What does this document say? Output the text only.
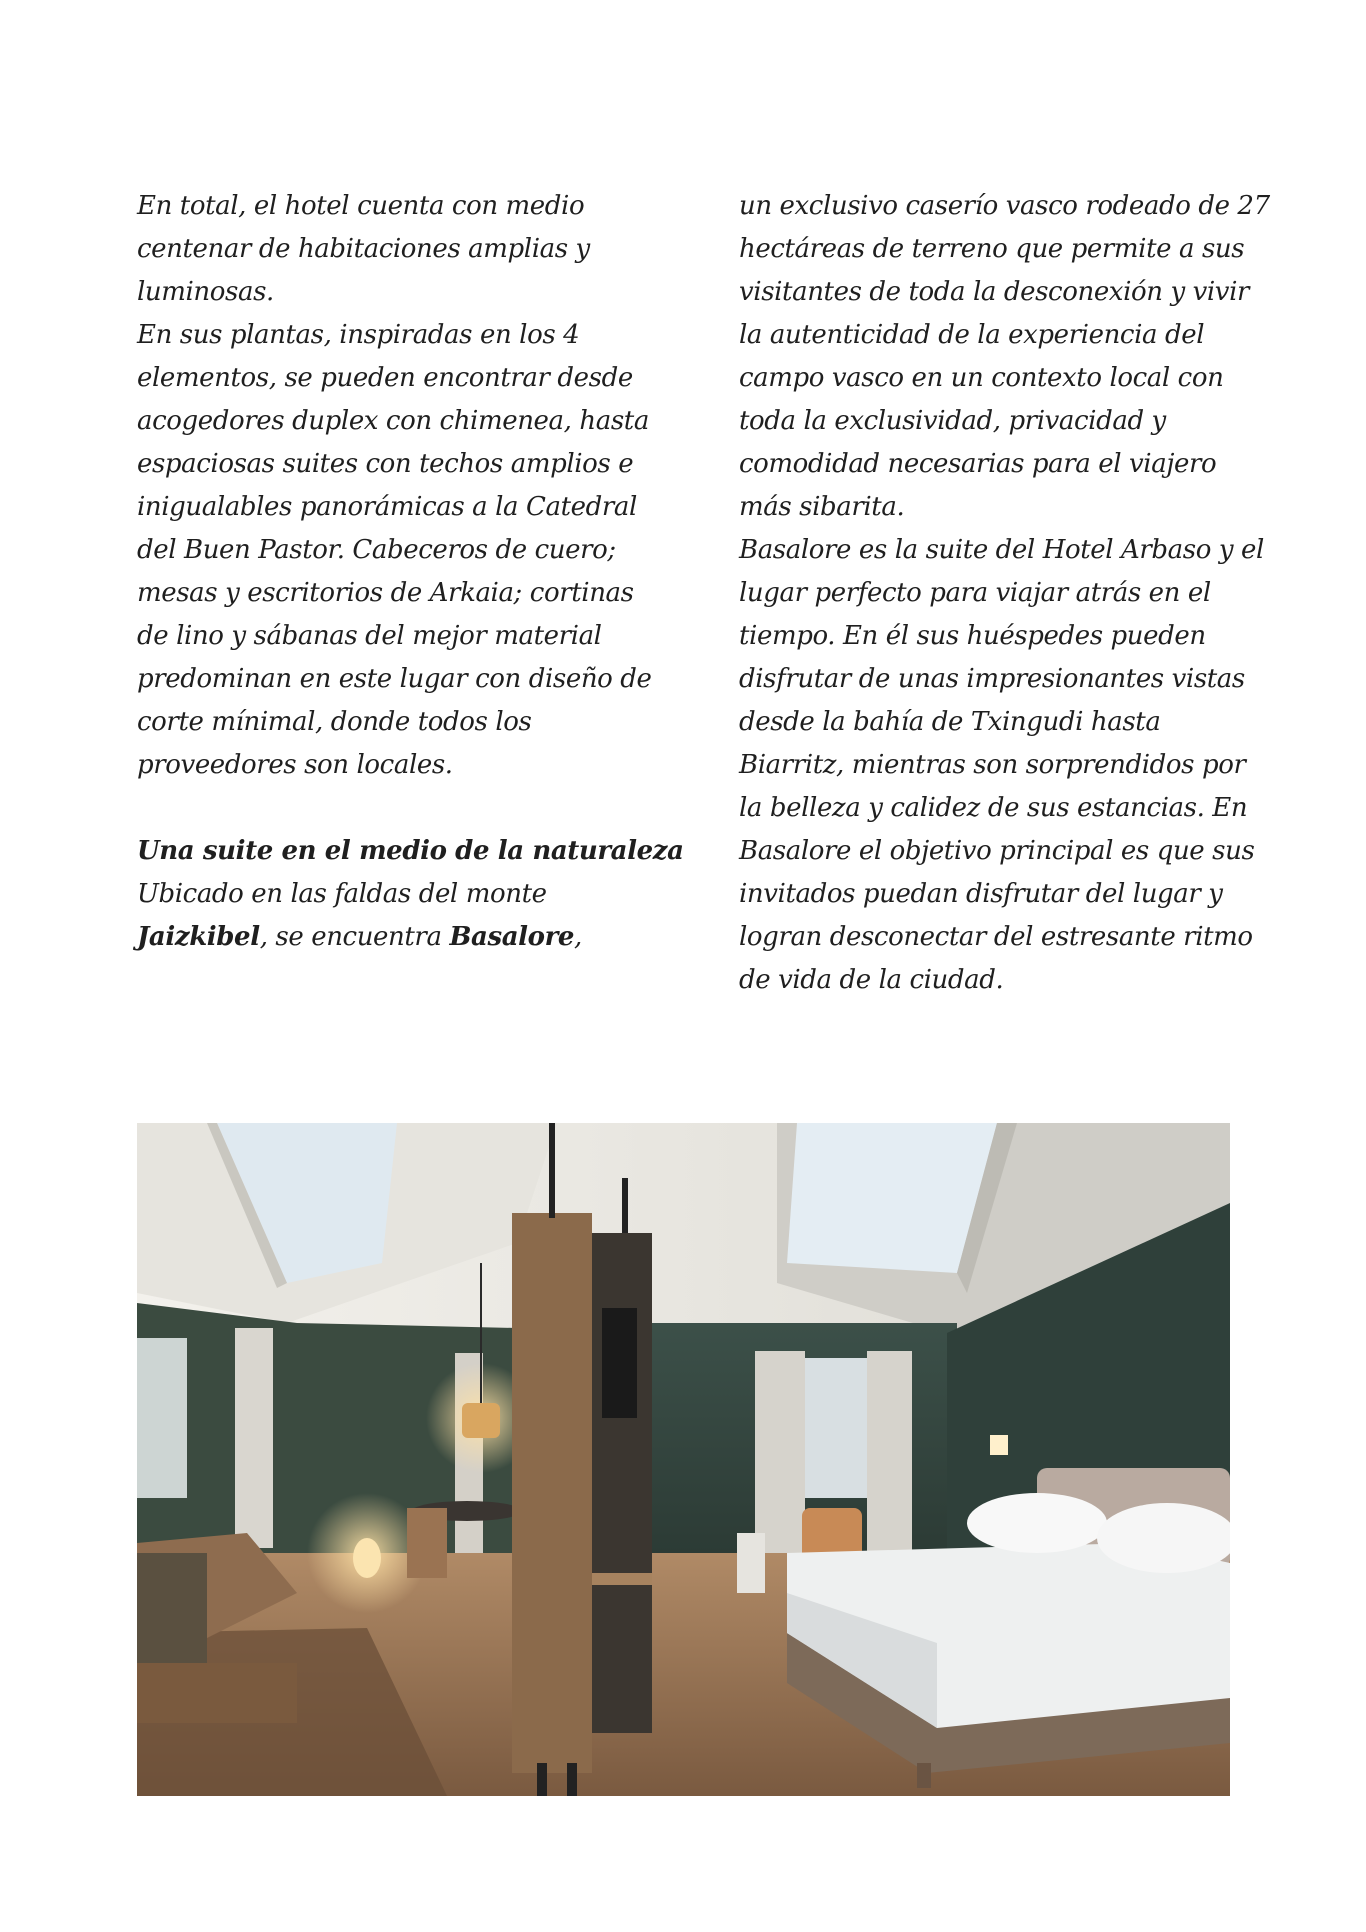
En total, el hotel cuenta con medio
centenar de habitaciones amplias y
luminosas.

En sus plantas, inspiradas en los 4
elementos, se pueden encontrar desde
acogedores duplex con chimenea, hasta
espaciosas suites con techos amplios e
inigualables panorámicas a la Catedral
del Buen Pastor. Cabeceros de cuero;
mesas y escritorios de Arkaia; cortinas
de lino y sábanas del mejor material
predominan en este lugar con diseño de
corte mínimal, donde todos los
proveedores son locales.

Una suite en el medio de la naturaleza

Ubicado en las faldas del monte
Jaizkibel, se encuentra Basalore,

un exclusivo caserío vasco rodeado de 27
hectáreas de terreno que permite a sus
visitantes de toda la desconexión y vivir
la autenticidad de la experiencia del
campo vasco en un contexto local con
toda la exclusividad, privacidad y
comodidad necesarias para el viajero
más sibarita.

Basalore es la suite del Hotel Arbaso y el
lugar perfecto para viajar atrás en el
tiempo. En él sus huéspedes pueden
disfrutar de unas impresionantes vistas
desde la bahía de Txingudi hasta
Biarritz, mientras son sorprendidos por
la belleza y calidez de sus estancias. En
Basalore el objetivo principal es que sus
invitados puedan disfrutar del lugar y
logran desconectar del estresante ritmo
de vida de la ciudad.
